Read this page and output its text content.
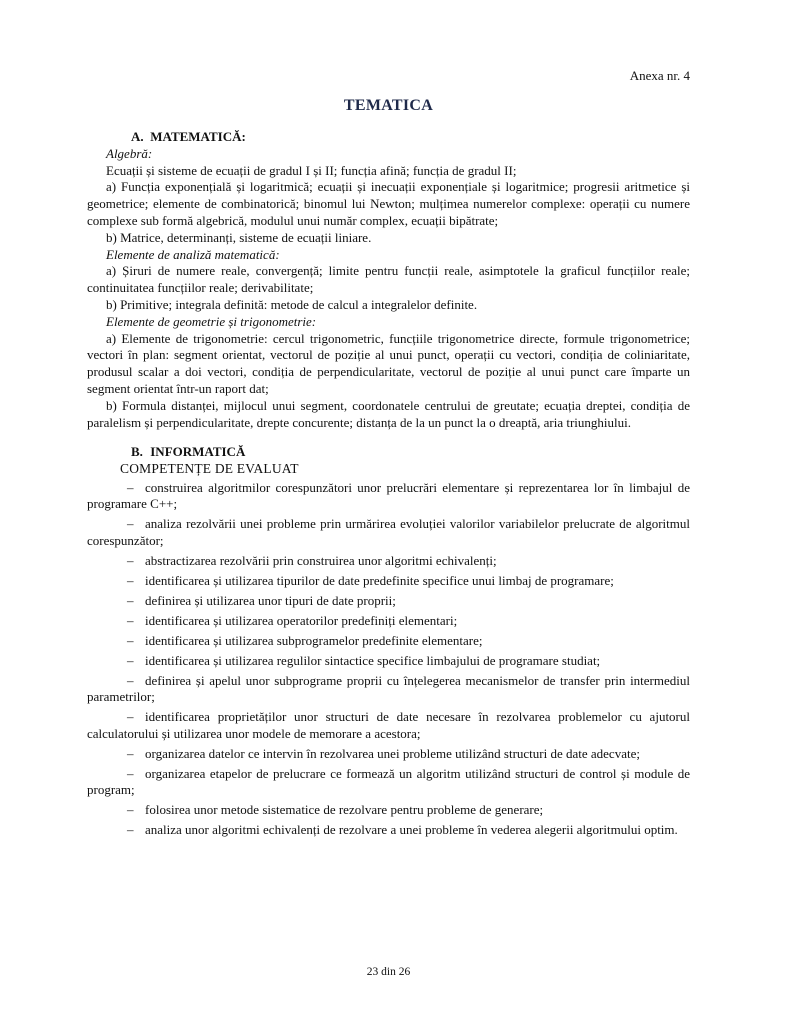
Anexa nr. 4
TEMATICA
A. MATEMATICĂ:
Algebră:

Ecuații și sisteme de ecuații de gradul I și II; funcția afină; funcția de gradul II;

a) Funcția exponențială și logaritmică; ecuații și inecuații exponențiale și logaritmice; progresii aritmetice și geometrice; elemente de combinatorică; binomul lui Newton; mulțimea numerelor complexe: operații cu numere complexe sub formă algebrică, modulul unui număr complex, ecuații bipătrate;

b) Matrice, determinanți, sisteme de ecuații liniare.

Elemente de analiză matematică:

a) Șiruri de numere reale, convergență; limite pentru funcții reale, asimptotele la graficul funcțiilor reale; continuitatea funcțiilor reale; derivabilitate;

b) Primitive; integrala definită: metode de calcul a integralelor definite.

Elemente de geometrie și trigonometrie:

a) Elemente de trigonometrie: cercul trigonometric, funcțiile trigonometrice directe, formule trigonometrice; vectori în plan: segment orientat, vectorul de poziție al unui punct, operații cu vectori, condiția de coliniaritate, produsul scalar a doi vectori, condiția de perpendicularitate, vectorul de poziție al unui punct care împarte un segment orientat într-un raport dat;

b) Formula distanței, mijlocul unui segment, coordonatele centrului de greutate; ecuația dreptei, condiția de paralelism și perpendicularitate, drepte concurente; distanța de la un punct la o dreaptă, aria triunghiului.

B. INFORMATICĂ
COMPETENȚE DE EVALUAT

– construirea algoritmilor corespunzători unor prelucrări elementare și reprezentarea lor în limbajul de programare C++;

– analiza rezolvării unei probleme prin urmărirea evoluției valorilor variabilelor prelucrate de algoritmul corespunzător;

– abstractizarea rezolvării prin construirea unor algoritmi echivalenți;

– identificarea și utilizarea tipurilor de date predefinite specifice unui limbaj de programare;

– definirea și utilizarea unor tipuri de date proprii;

– identificarea și utilizarea operatorilor predefiniți elementari;

– identificarea și utilizarea subprogramelor predefinite elementare;

– identificarea și utilizarea regulilor sintactice specifice limbajului de programare studiat;

– definirea și apelul unor subprograme proprii cu înțelegerea mecanismelor de transfer prin intermediul parametrilor;

– identificarea proprietăților unor structuri de date necesare în rezolvarea problemelor cu ajutorul calculatorului și utilizarea unor modele de memorare a acestora;

– organizarea datelor ce intervin în rezolvarea unei probleme utilizând structuri de date adecvate;

– organizarea etapelor de prelucrare ce formează un algoritm utilizând structuri de control și module de program;

– folosirea unor metode sistematice de rezolvare pentru probleme de generare;

– analiza unor algoritmi echivalenți de rezolvare a unei probleme în vederea alegerii algoritmului optim.

23 din 26
